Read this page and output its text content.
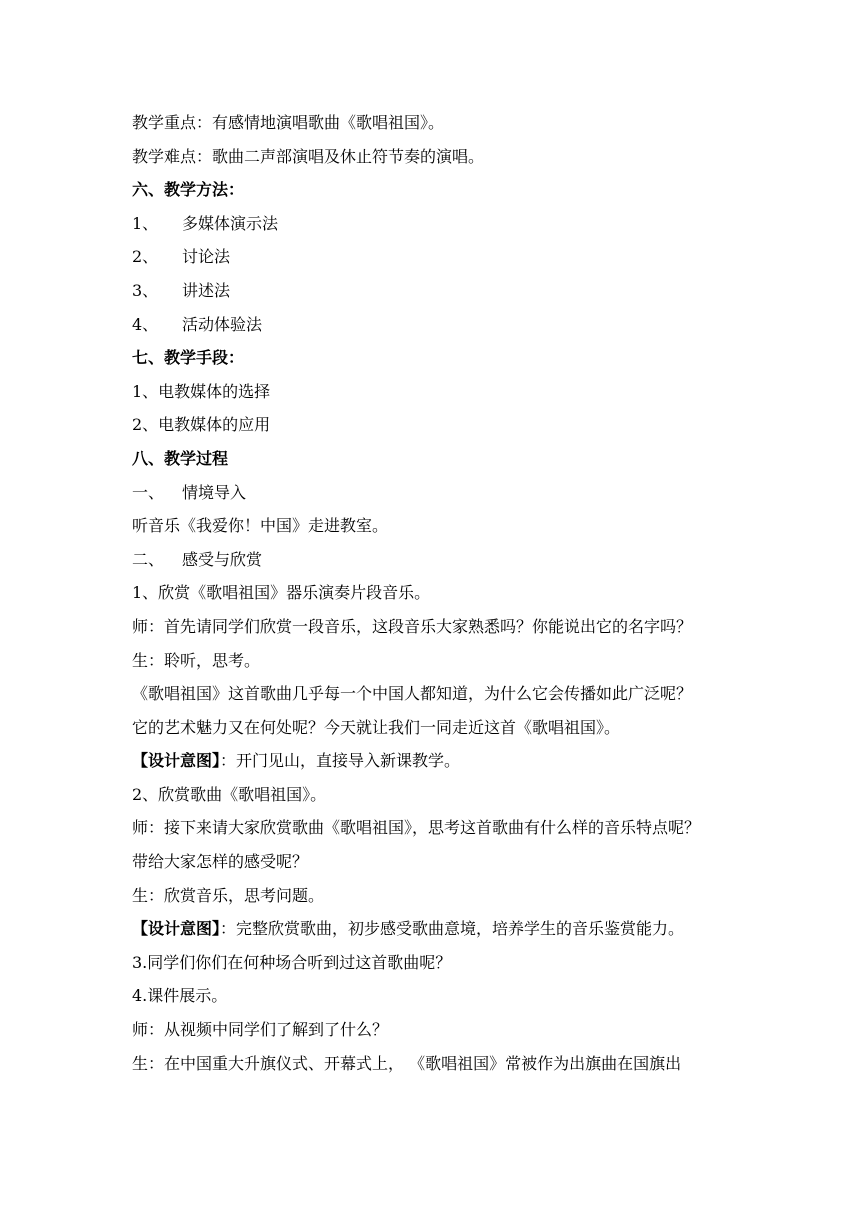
教学重点：有感情地演唱歌曲《歌唱祖国》。
教学难点：歌曲二声部演唱及休止符节奏的演唱。
六、教学方法：
1、 多媒体演示法
2、 讨论法
3、 讲述法
4、 活动体验法
七、教学手段：
1、电教媒体的选择
2、电教媒体的应用
八、教学过程
一、 情境导入
听音乐《我爱你！中国》走进教室。
二、 感受与欣赏
1、欣赏《歌唱祖国》器乐演奏片段音乐。
师：首先请同学们欣赏一段音乐，这段音乐大家熟悉吗？你能说出它的名字吗？
生：聆听，思考。
《歌唱祖国》这首歌曲几乎每一个中国人都知道，为什么它会传播如此广泛呢？
它的艺术魅力又在何处呢？今天就让我们一同走近这首《歌唱祖国》。
【设计意图】：开门见山，直接导入新课教学。
2、欣赏歌曲《歌唱祖国》。
师：接下来请大家欣赏歌曲《歌唱祖国》，思考这首歌曲有什么样的音乐特点呢？
带给大家怎样的感受呢？
生：欣赏音乐，思考问题。
【设计意图】：完整欣赏歌曲，初步感受歌曲意境，培养学生的音乐鉴赏能力。
3.同学们你们在何种场合听到过这首歌曲呢？
4.课件展示。
师：从视频中同学们了解到了什么？
生：在中国重大升旗仪式、开幕式上， 《歌唱祖国》常被作为出旗曲在国旗出
